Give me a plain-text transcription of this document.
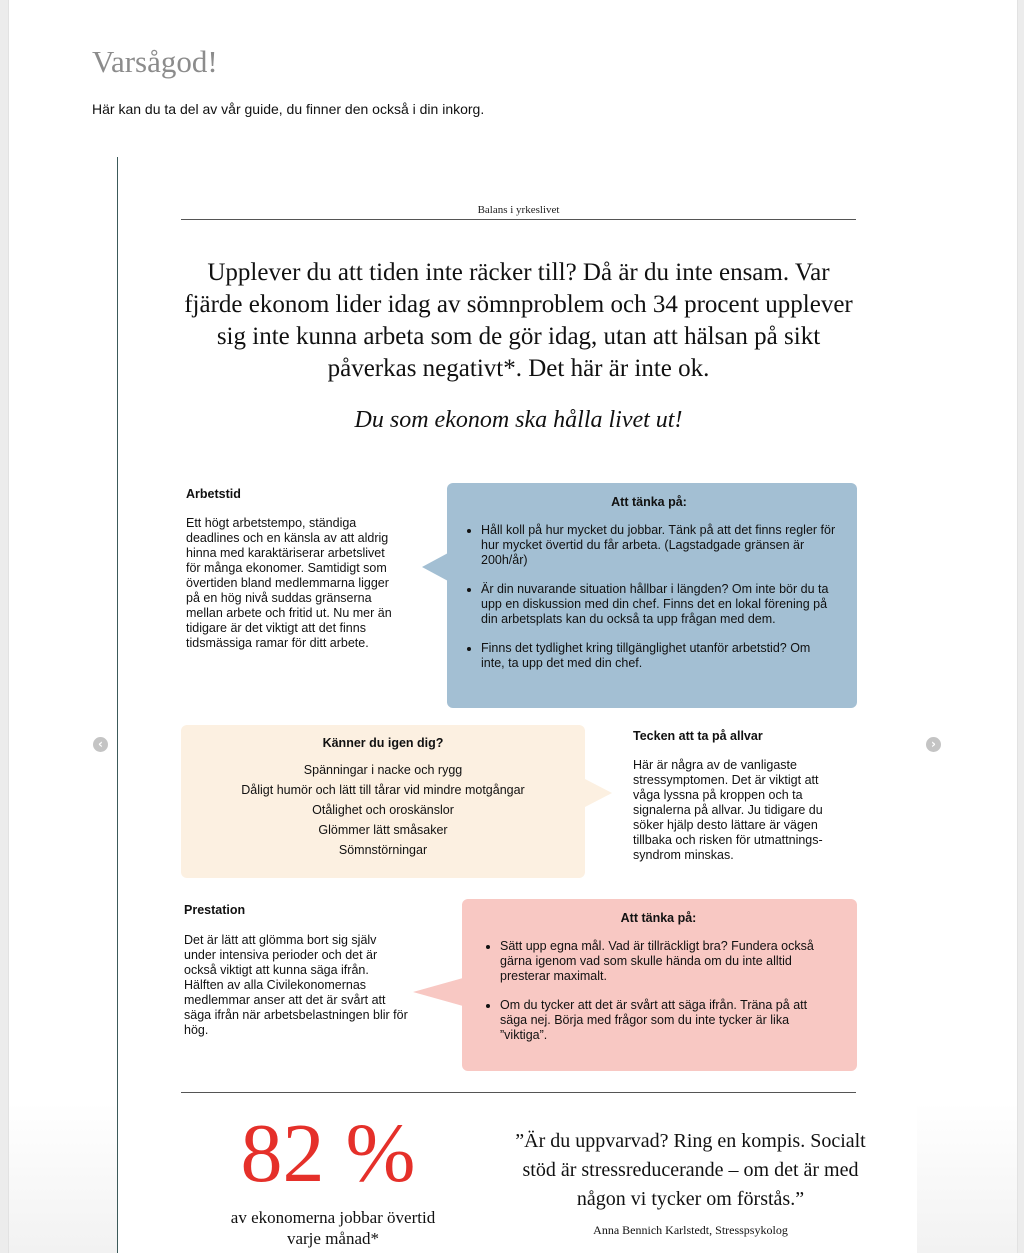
Varsågod!
Här kan du ta del av vår guide, du finner den också i din inkorg.
‹	›
Balans i yrkeslivet

Upplever du att tiden inte räcker till? Då är du inte ensam. Var fjärde ekonom lider idag av sömnproblem och 34 procent upplever sig inte kunna arbeta som de gör idag, utan att hälsan på sikt påverkas negativt*. Det här är inte ok.

Du som ekonom ska hålla livet ut!

Arbetstid

Ett högt arbetstempo, ständiga deadlines och en känsla av att aldrig hinna med karaktäriserar arbetslivet för många ekonomer. Samtidigt som övertiden bland medlemmarna ligger på en hög nivå suddas gränserna mellan arbete och fritid ut. Nu mer än tidigare är det viktigt att det finns tidsmässiga ramar för ditt arbete.

Att tänka på:

• Håll koll på hur mycket du jobbar. Tänk på att det finns regler för hur mycket övertid du får arbeta. (Lagstadgade gränsen är 200h/år)
• Är din nuvarande situation hållbar i längden? Om inte bör du ta upp en diskussion med din chef. Finns det en lokal förening på din arbetsplats kan du också ta upp frågan med dem.
• Finns det tydlighet kring tillgänglighet utanför arbetstid? Om inte, ta upp det med din chef.

Känner du igen dig?

Spänningar i nacke och rygg

Dåligt humör och lätt till tårar vid mindre motgångar

Otålighet och oroskänslor

Glömmer lätt småsaker

Sömnstörningar

Tecken att ta på allvar

Här är några av de vanligaste stressymptomen. Det är viktigt att våga lyssna på kroppen och ta signalerna på allvar. Ju tidigare du söker hjälp desto lättare är vägen tillbaka och risken för utmattnings-syndrom minskas.

Prestation

Det är lätt att glömma bort sig själv under intensiva perioder och det är också viktigt att kunna säga ifrån. Hälften av alla Civilekonomernas medlemmar anser att det är svårt att säga ifrån när arbetsbelastningen blir för hög.

Att tänka på:

• Sätt upp egna mål. Vad är tillräckligt bra? Fundera också gärna igenom vad som skulle hända om du inte alltid presterar maximalt.
• Om du tycker att det är svårt att säga ifrån. Träna på att säga nej. Börja med frågor som du inte tycker är lika ”viktiga”.
82 %
av ekonomerna jobbar övertid varje månad*

”Är du uppvarvad? Ring en kompis. Socialt stöd är stressreducerande – om det är med någon vi tycker om förstås.”

Anna Bennich Karlstedt, Stresspsykolog
